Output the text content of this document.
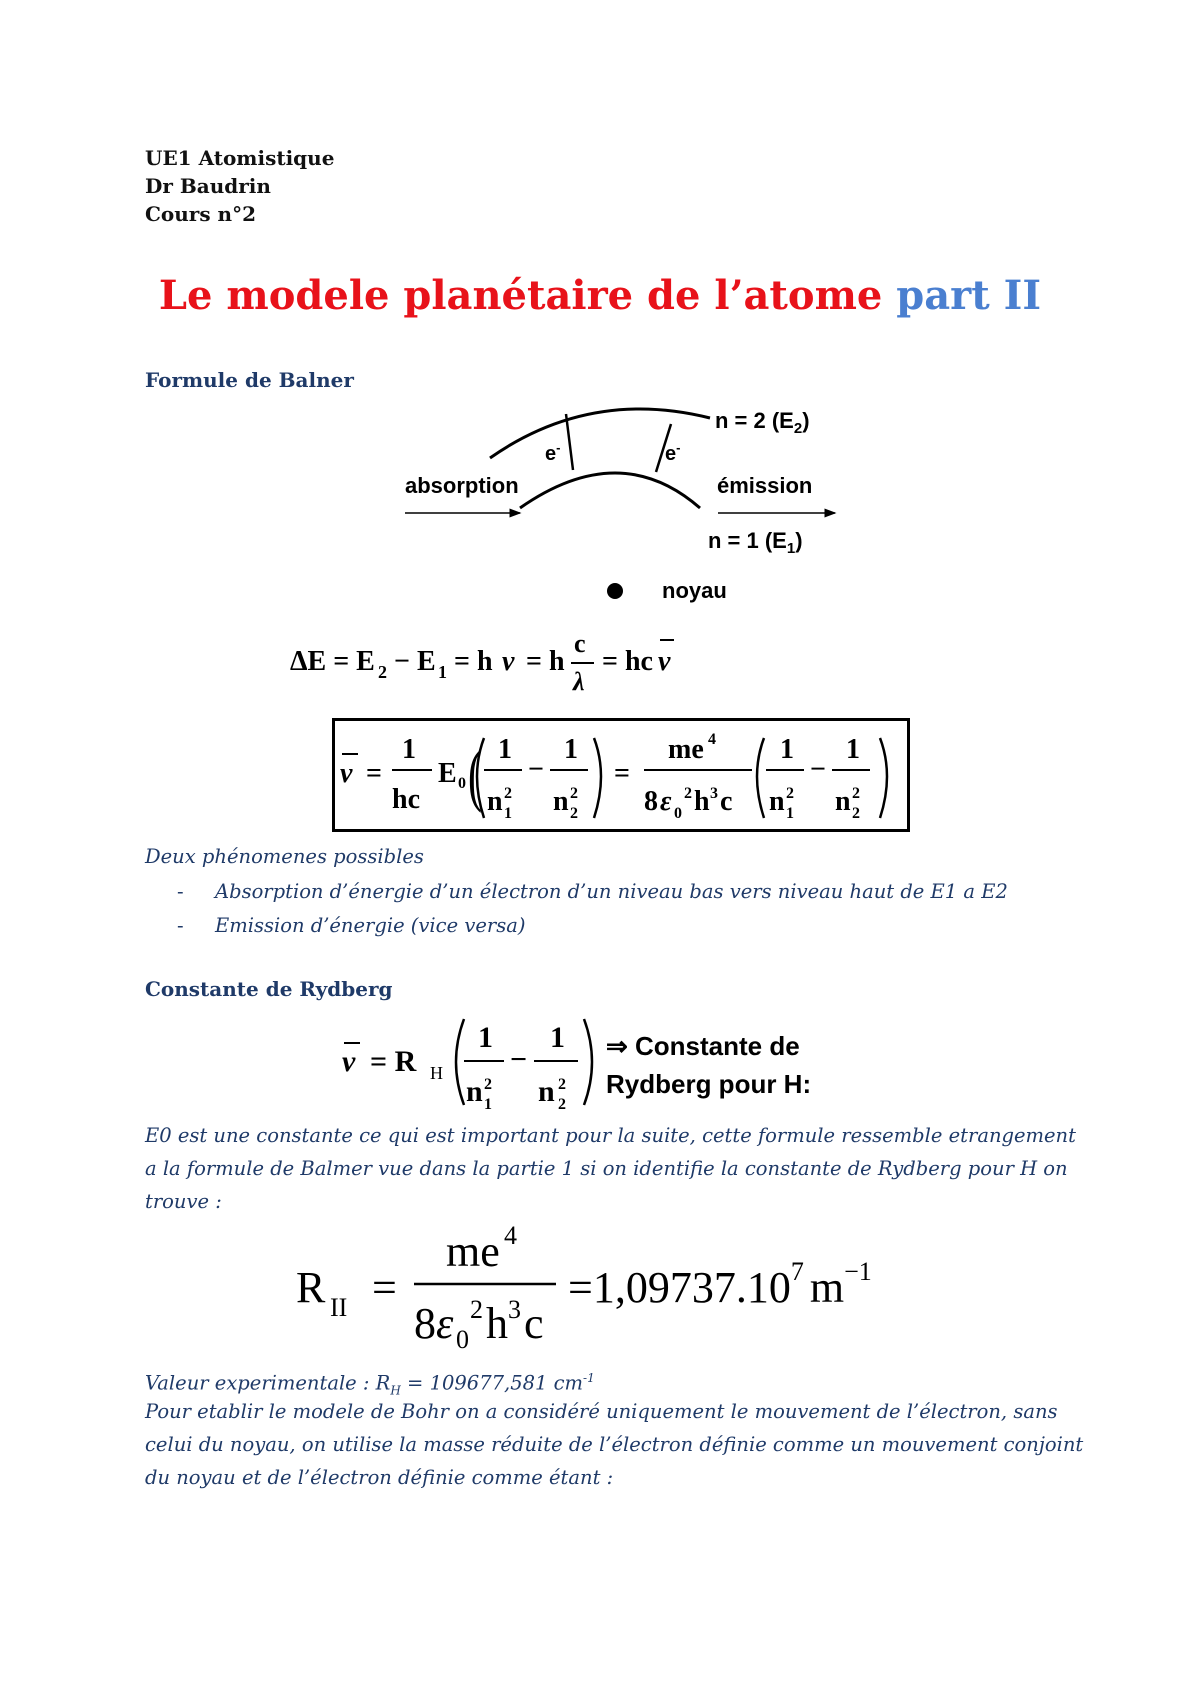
UE1 Atomistique
Dr Baudrin
Cours n°2
Le modele planétaire de l’atome part II
Formule de Balner
e-	e-
n = 2 $(E_2)$
absorption	émission
n = 1 $(E_1)$
noyau
ΔE = E 2 − E 1 = h ν = h
c
λ
= hc ν
ν =
1
hc
E 0 ( 1
n 2
1
−
1
n 2
2
=
me 4
8 ε 0
2 h 3 c
1
n 2
1
−
1
n 2
2
Deux phénomenes possibles
- Absorption d’énergie d’un électron d’un niveau bas vers niveau haut de E1 a E2
- Emission d’énergie (vice versa)
Constante de Rydberg
ν = R H
1
n 2
1
−
1
n 2
2
⇒ Constante de
Rydberg pour H:
E0 est une constante ce qui est important pour la suite, cette formule ressemble etrangement a la formule de Balmer vue dans la partie 1 si on identifie la constante de Rydberg pour H on trouve :
R II =
me 4
8 ε 0
2 h 3 c
$=1,09737.10^7$ $m^{-1}$
Valeur experimentale : $R_H = 109677,581$ $cm^{-1}$
Pour etablir le modele de Bohr on a considéré uniquement le mouvement de l’électron, sans celui du noyau, on utilise la masse réduite de l’électron définie comme un mouvement conjoint du noyau et de l’électron définie comme étant :
